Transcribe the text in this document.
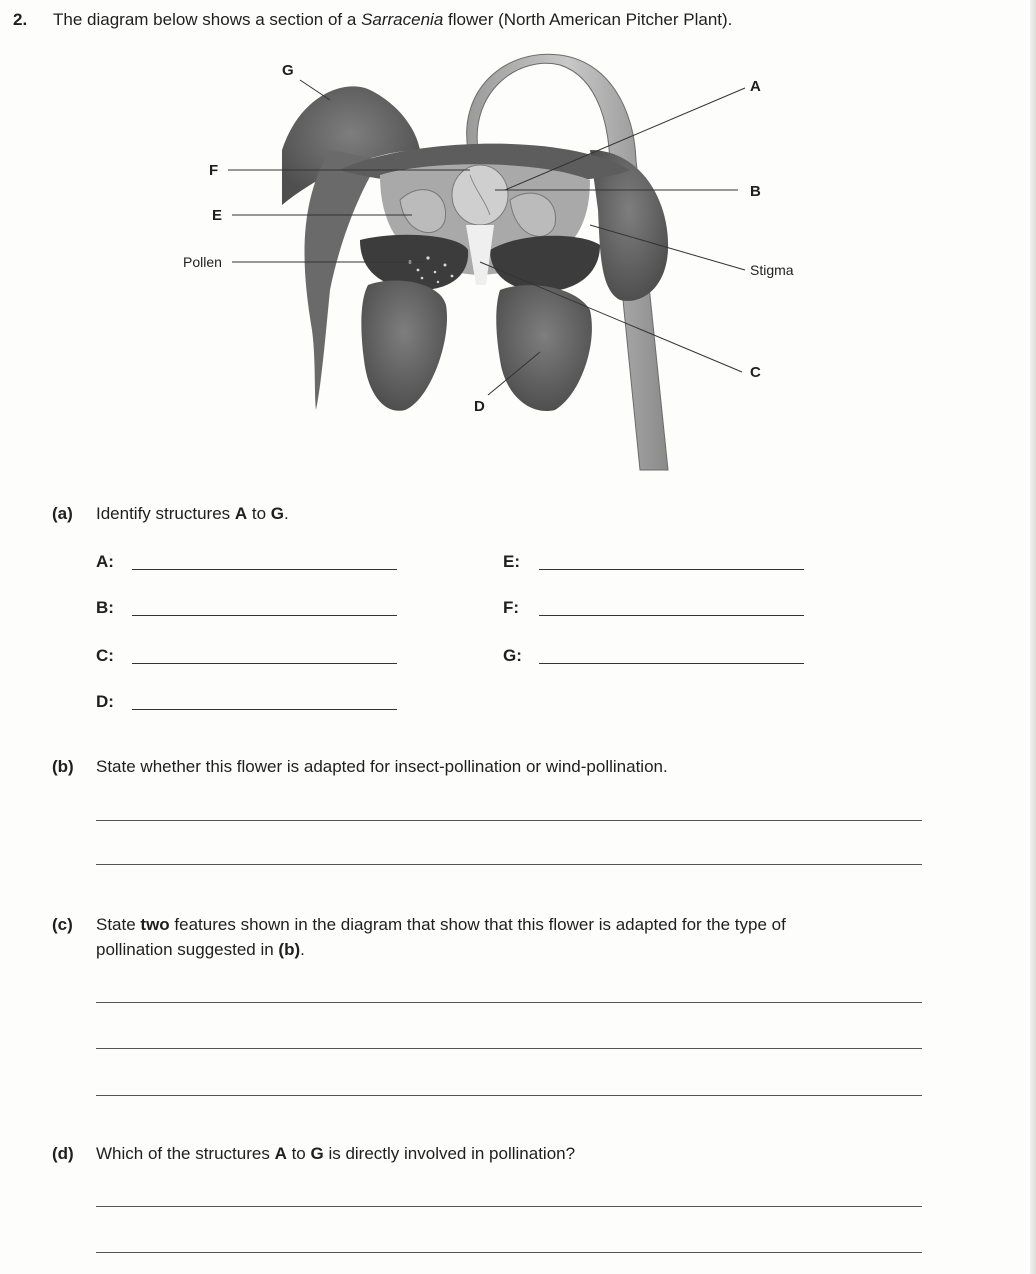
2. The diagram below shows a section of a Sarracenia flower (North American Pitcher Plant).
G
A
F
B
E
Pollen	Stigma
C
D
(a) Identify structures A to G.
A:
B:
C:
D:
E:
F:
G:
(b) State whether this flower is adapted for insect-pollination or wind-pollination.
(c) State two features shown in the diagram that show that this flower is adapted for the type of
pollination suggested in (b).
(d) Which of the structures A to G is directly involved in pollination?
